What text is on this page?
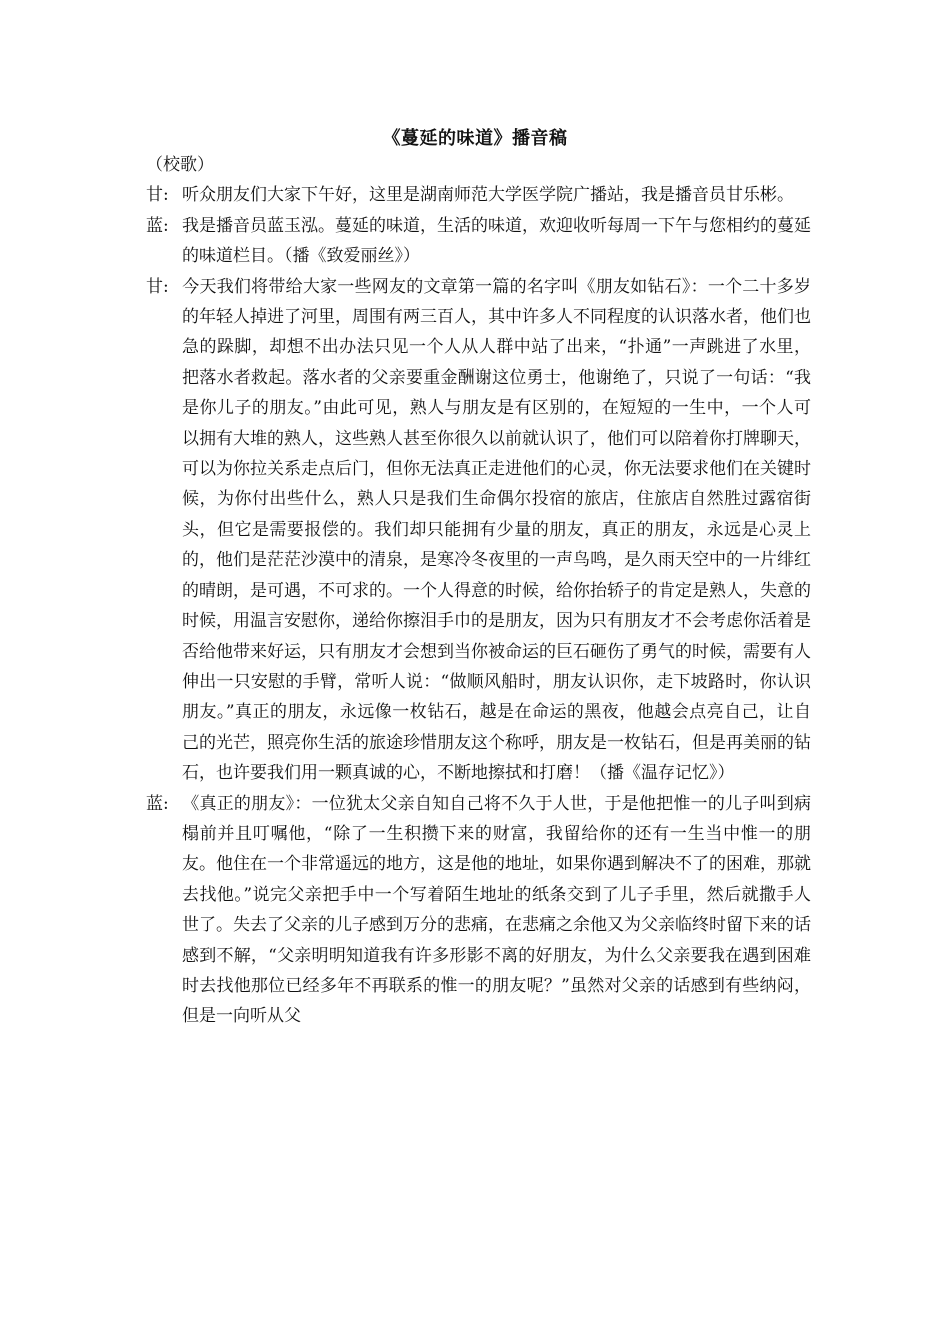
《蔓延的味道》播音稿

（校歌）

甘: 听众朋友们大家下午好，这里是湖南师范大学医学院广播站，我是播音员甘乐彬。

蓝: 我是播音员蓝玉泓。蔓延的味道，生活的味道，欢迎收听每周一下午与您相约的蔓延的味道栏目。（播《致爱丽丝》）

甘: 今天我们将带给大家一些网友的文章第一篇的名字叫《朋友如钻石》：一个二十多岁的年轻人掉进了河里，周围有两三百人，其中许多人不同程度的认识落水者，他们也急的跺脚，却想不出办法只见一个人从人群中站了出来，“扑通”一声跳进了水里，把落水者救起。落水者的父亲要重金酬谢这位勇士，他谢绝了，只说了一句话：“我是你儿子的朋友。”由此可见，熟人与朋友是有区别的，在短短的一生中，一个人可以拥有大堆的熟人，这些熟人甚至你很久以前就认识了，他们可以陪着你打牌聊天，可以为你拉关系走点后门，但你无法真正走进他们的心灵，你无法要求他们在关键时候，为你付出些什么，熟人只是我们生命偶尔投宿的旅店，住旅店自然胜过露宿街头，但它是需要报偿的。我们却只能拥有少量的朋友，真正的朋友，永远是心灵上的，他们是茫茫沙漠中的清泉，是寒冷冬夜里的一声鸟鸣，是久雨天空中的一片绯红的晴朗，是可遇，不可求的。一个人得意的时候，给你抬轿子的肯定是熟人，失意的时候，用温言安慰你，递给你擦泪手巾的是朋友，因为只有朋友才不会考虑你活着是否给他带来好运，只有朋友才会想到当你被命运的巨石砸伤了勇气的时候，需要有人伸出一只安慰的手臂，常听人说：“做顺风船时，朋友认识你，走下坡路时，你认识朋友。”真正的朋友，永远像一枚钻石，越是在命运的黑夜，他越会点亮自己，让自己的光芒，照亮你生活的旅途珍惜朋友这个称呼，朋友是一枚钻石，但是再美丽的钻石，也许要我们用一颗真诚的心，不断地擦拭和打磨！（播《温存记忆》）

蓝: 《真正的朋友》：一位犹太父亲自知自己将不久于人世，于是他把惟一的儿子叫到病榻前并且叮嘱他，“除了一生积攒下来的财富，我留给你的还有一生当中惟一的朋友。他住在一个非常遥远的地方，这是他的地址，如果你遇到解决不了的困难，那就去找他。”说完父亲把手中一个写着陌生地址的纸条交到了儿子手里，然后就撒手人世了。失去了父亲的儿子感到万分的悲痛，在悲痛之余他又为父亲临终时留下来的话感到不解，“父亲明明知道我有许多形影不离的好朋友，为什么父亲要我在遇到困难时去找他那位已经多年不再联系的惟一的朋友呢？”虽然对父亲的话感到有些纳闷，但是一向听从父
